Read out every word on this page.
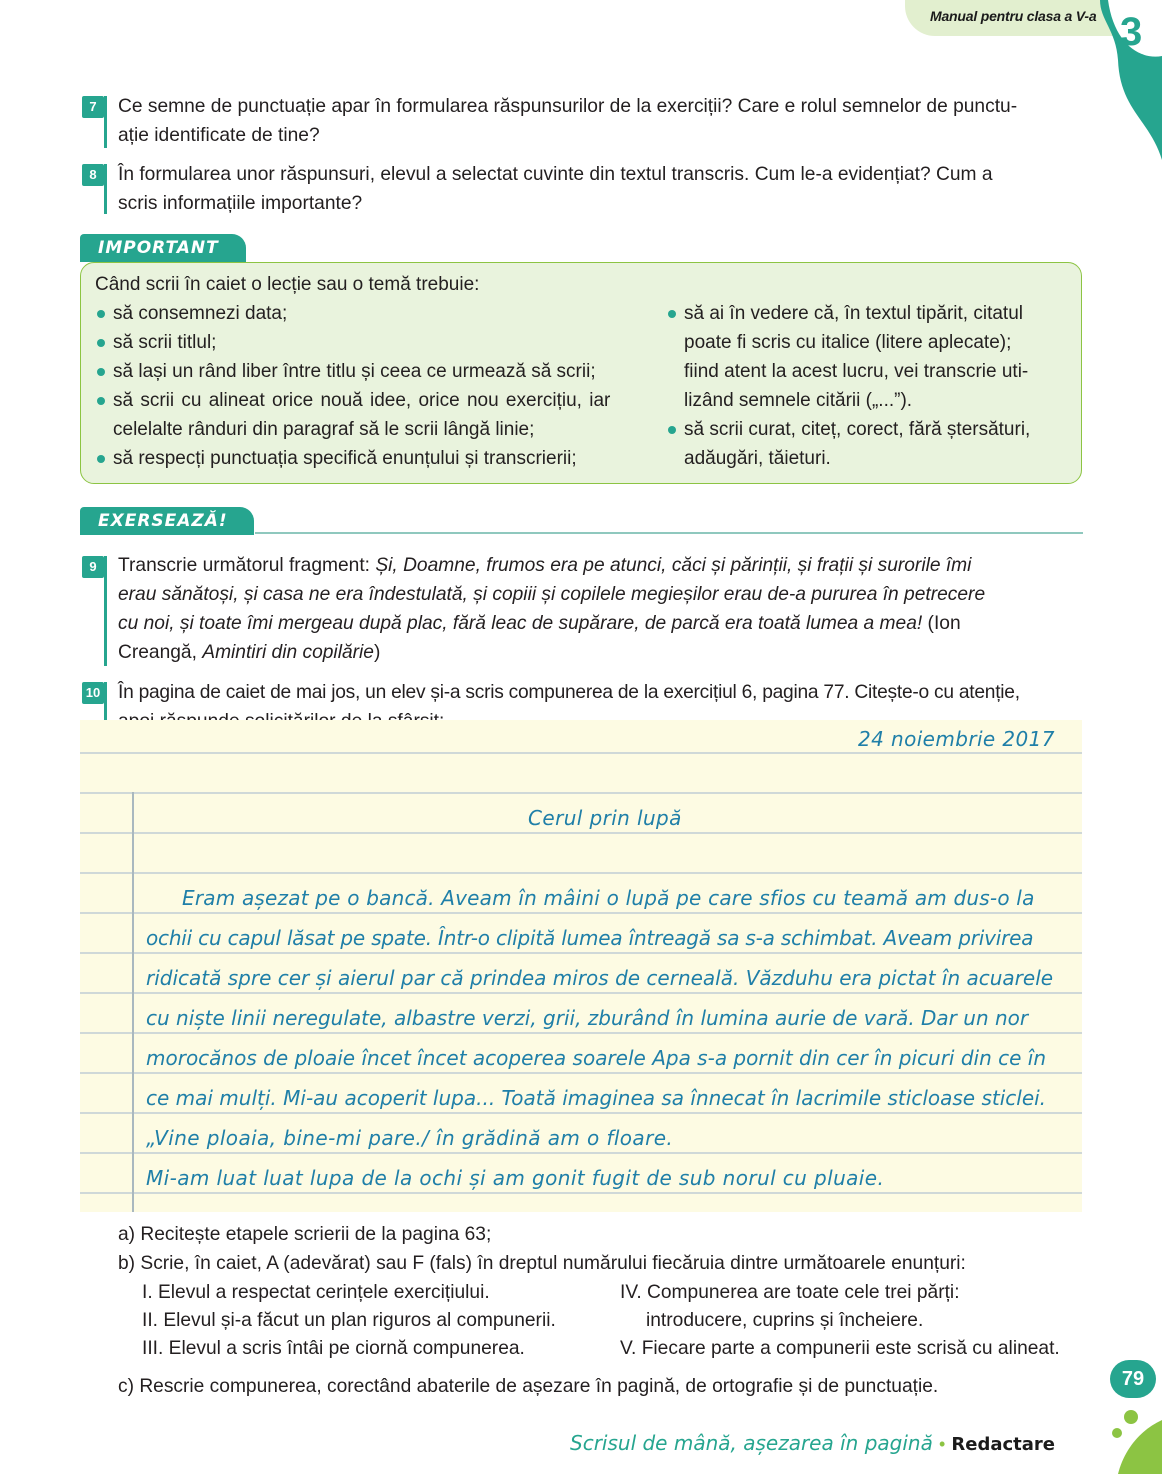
Manual pentru clasa a V-a 3
7	Ce semne de punctuație apar în formularea răspunsurilor de la exerciții? Care e rolul semnelor de punctu-
ație identificate de tine?
8	În formularea unor răspunsuri, elevul a selectat cuvinte din textul transcris. Cum le-a evidențiat? Cum a
scris informațiile importante?
IMPORTANT
Când scrii în caiet o lecție sau o temă trebuie:
să consemnezi data;
să scrii titlul;
să lași un rând liber între titlu și ceea ce urmează să scrii;
să scrii cu alineat orice nouă idee, orice nou exercițiu, iar
celelalte rânduri din paragraf să le scrii lângă linie;
să respecți punctuația specifică enunțului și transcrierii;
să ai în vedere că, în textul tipărit, citatul
poate fi scris cu italice (litere aplecate);
fiind atent la acest lucru, vei transcrie uti-
lizând semnele citării („...”).
să scrii curat, citeț, corect, fără ștersături,
adăugări, tăieturi.
EXERSEAZĂ!
9	Transcrie următorul fragment: Și, Doamne, frumos era pe atunci, căci și părinții, și frații și surorile îmi
erau sănătoși, și casa ne era îndestulată, și copiii și copilele megieșilor erau de-a pururea în petrecere
cu noi, și toate îmi mergeau după plac, fără leac de supărare, de parcă era toată lumea a mea! (Ion
Creangă, Amintiri din copilărie)
10 În pagina de caiet de mai jos, un elev și-a scris compunerea de la exercițiul 6, pagina 77. Citește-o cu atenție,
24 noiembrie 2017
Cerul prin lupă
Eram așezat pe o bancă. Aveam în mâini o lupă pe care sfios cu teamă am dus-o la
ochii cu capul lăsat pe spate. Într-o clipită lumea întreagă sa s-a schimbat. Aveam privirea
ridicată spre cer și aierul par că prindea miros de cerneală. Văzduhu era pictat în acuarele
cu niște linii neregulate, albastre verzi, grii, zburând în lumina aurie de vară. Dar un nor
morocănos de ploaie încet încet acoperea soarele Apa s-a pornit din cer în picuri din ce în
ce mai mulți. Mi-au acoperit lupa... Toată imaginea sa înnecat în lacrimile sticloase sticlei.
„Vine ploaia, bine-mi pare./ în grădină am o floare.
Mi-am luat luat lupa de la ochi și am gonit fugit de sub norul cu pluaie.
a) Recitește etapele scrierii de la pagina 63;
b) Scrie, în caiet, A (adevărat) sau F (fals) în dreptul numărului fiecăruia dintre următoarele enunțuri:
I. Elevul a respectat cerințele exercițiului.
II. Elevul și-a făcut un plan riguros al compunerii.
III. Elevul a scris întâi pe ciornă compunerea.
IV. Compunerea are toate cele trei părți:
introducere, cuprins și încheiere.
V. Fiecare parte a compunerii este scrisă cu alineat.
c) Rescrie compunerea, corectând abaterile de așezare în pagină, de ortografie și de punctuație.	79
Scrisul de mână, așezarea în pagină • Redactare
